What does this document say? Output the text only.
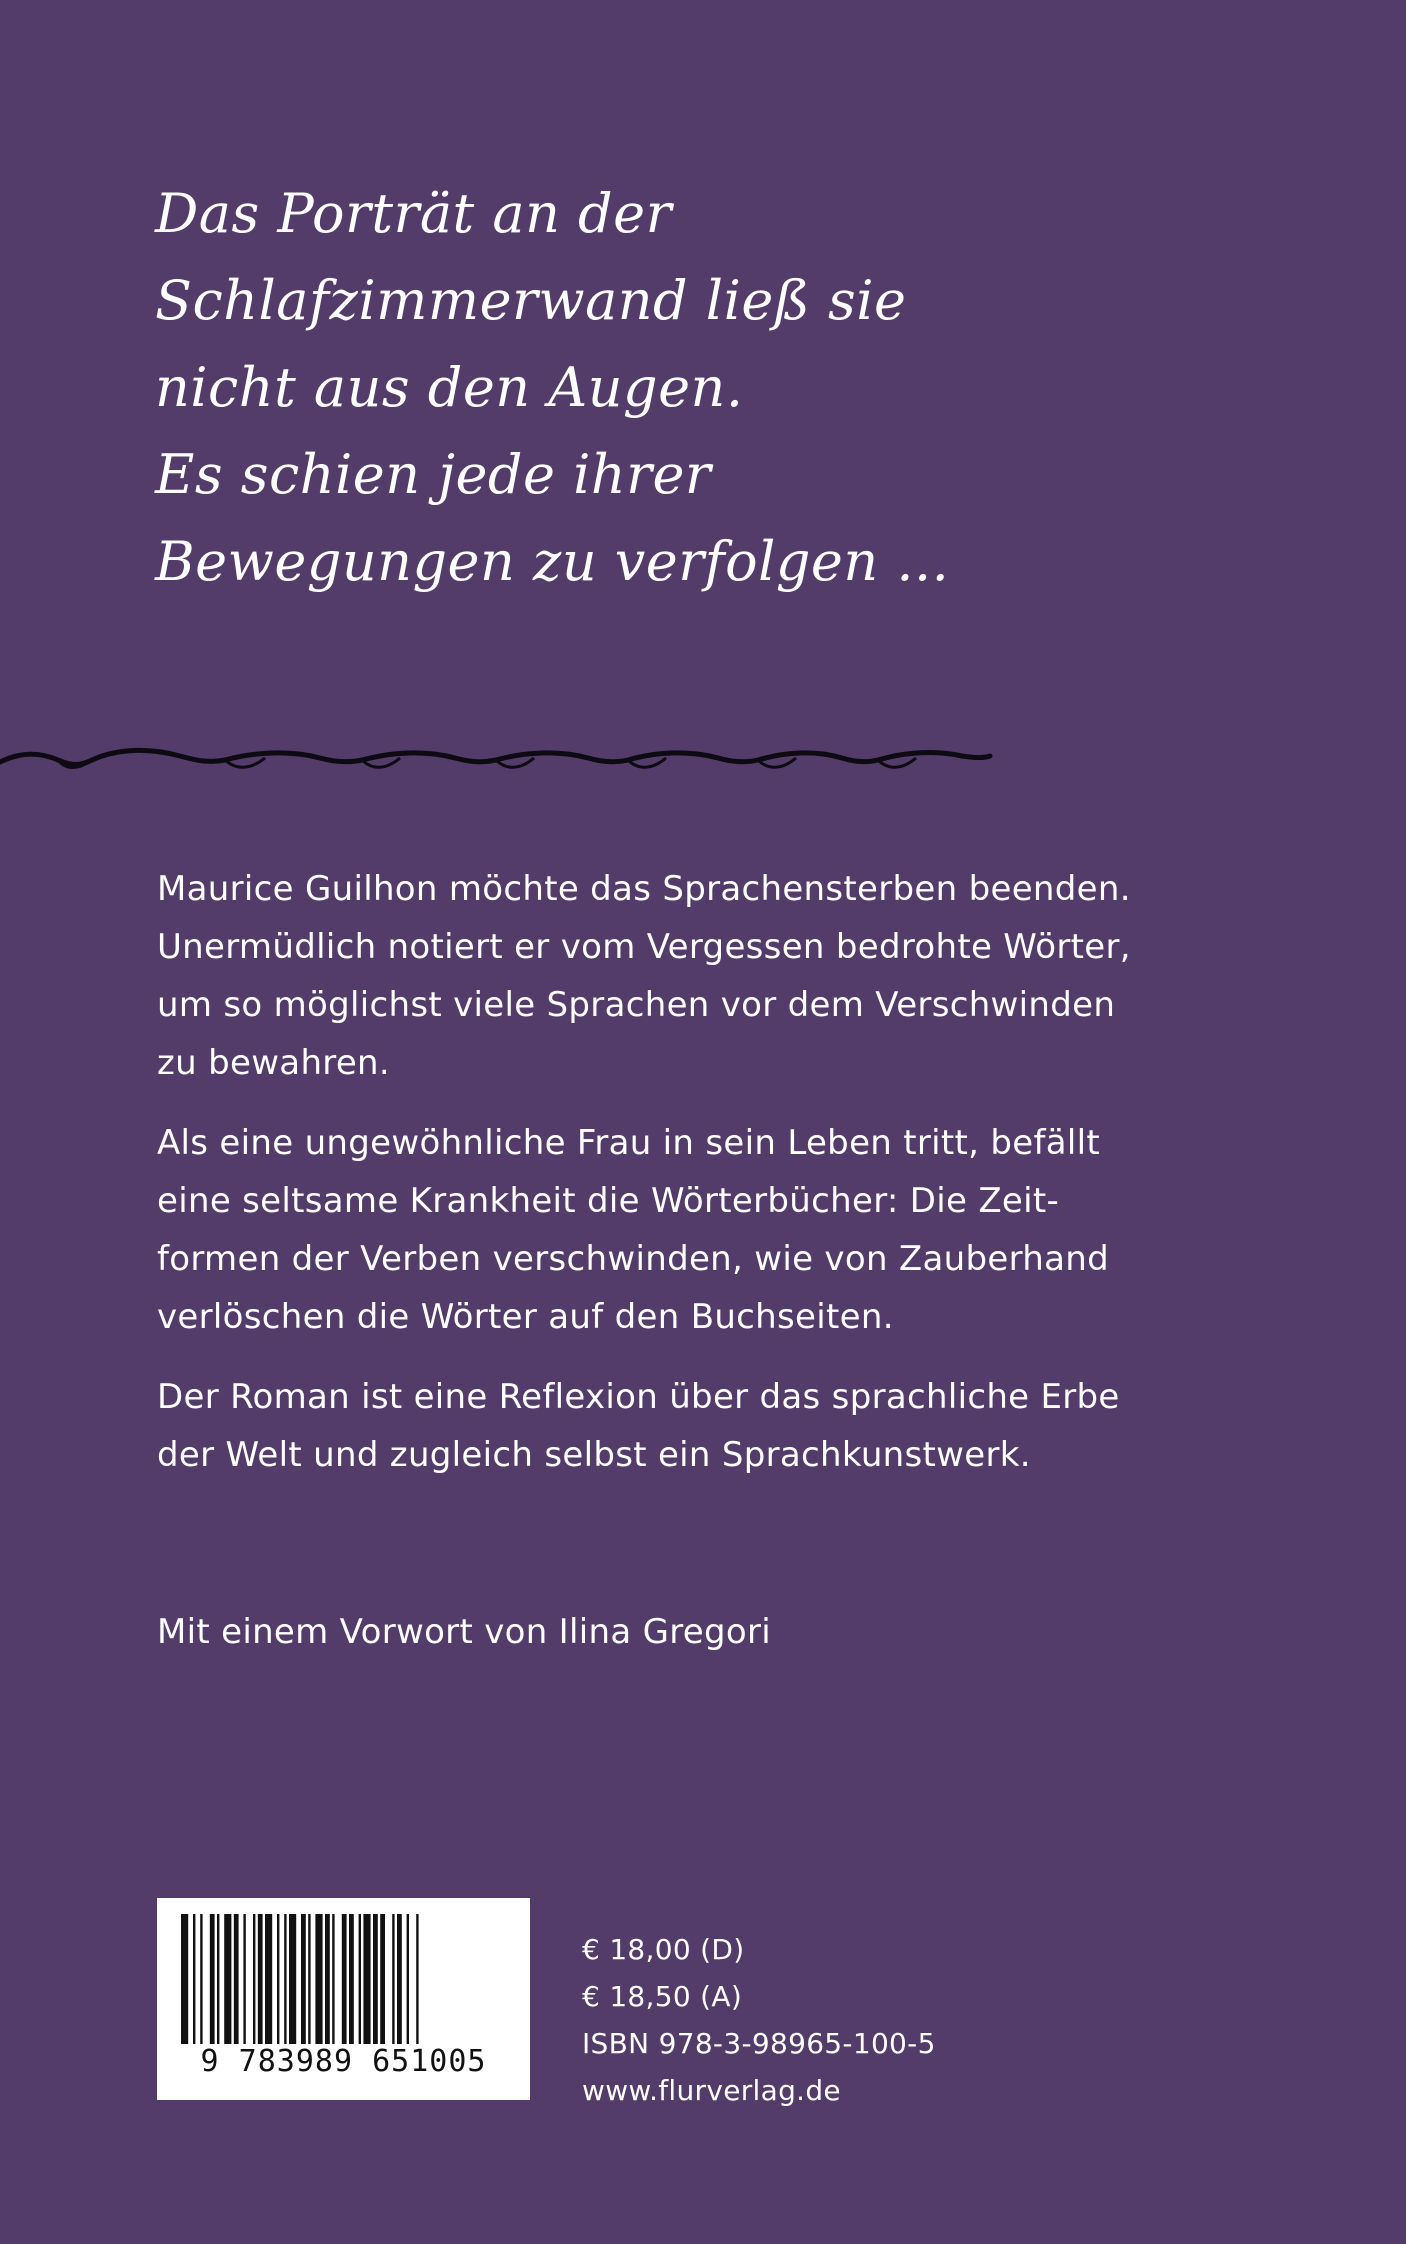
Das Porträt an der
Schlafzimmerwand ließ sie
nicht aus den Augen.
Es schien jede ihrer
Bewegungen zu verfolgen ...

Maurice Guilhon möchte das Sprachensterben beenden.
Unermüdlich notiert er vom Vergessen bedrohte Wörter,
um so möglichst viele Sprachen vor dem Verschwinden
zu bewahren.

Als eine ungewöhnliche Frau in sein Leben tritt, befällt
eine seltsame Krankheit die Wörterbücher: Die Zeit-
formen der Verben verschwinden, wie von Zauberhand
verlöschen die Wörter auf den Buchseiten.

Der Roman ist eine Reflexion über das sprachliche Erbe
der Welt und zugleich selbst ein Sprachkunstwerk.

Mit einem Vorwort von Ilina Gregori
9 783989 651005
€ 18,00 (D)
€ 18,50 (A)
ISBN 978-3-98965-100-5
www.flurverlag.de
